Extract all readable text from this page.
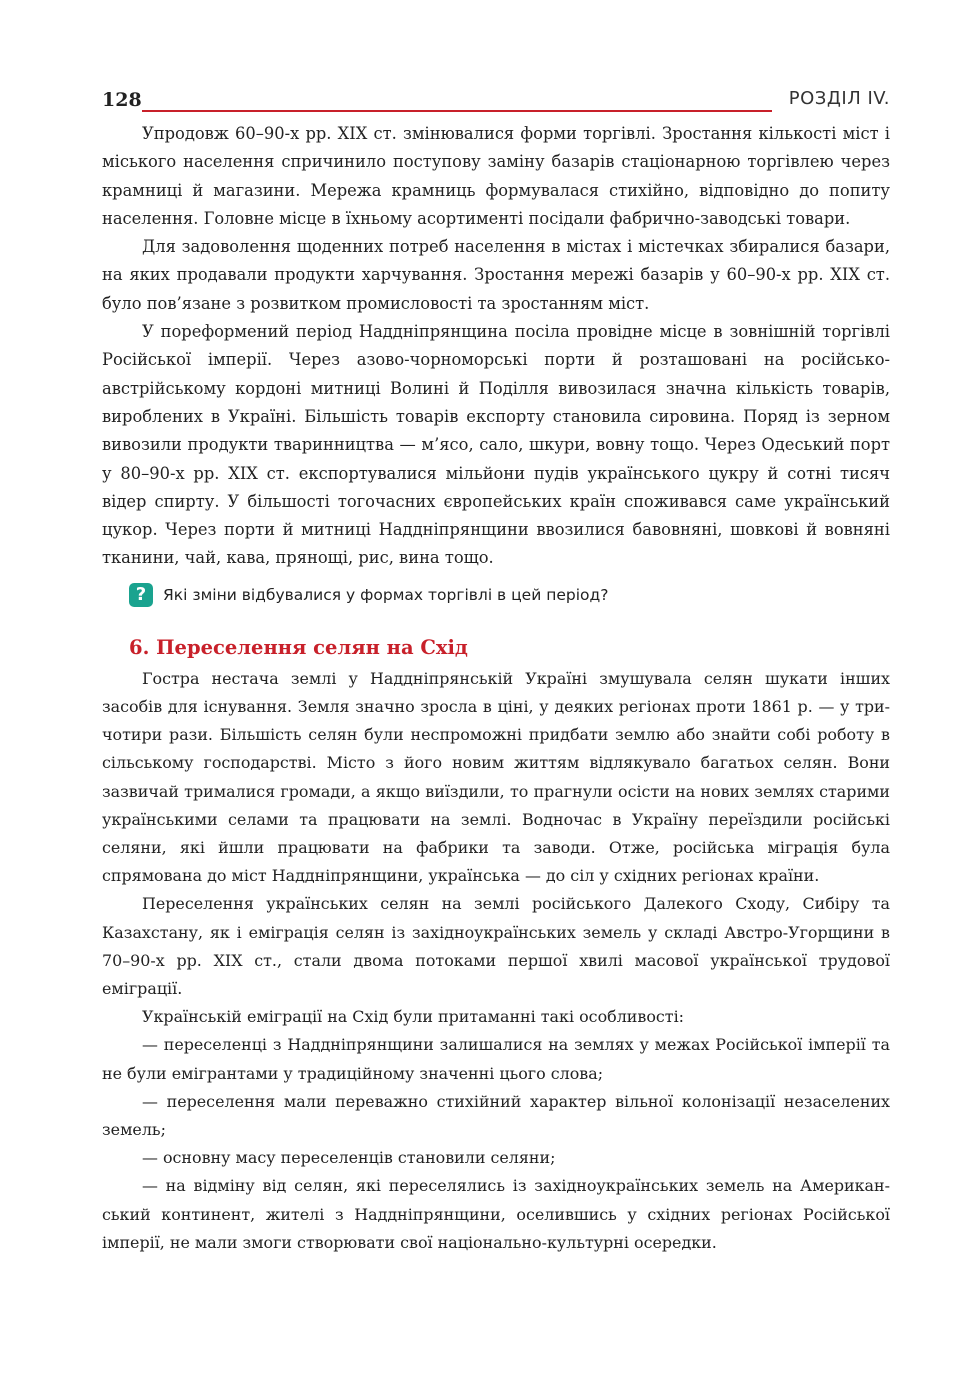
128	РОЗДІЛ IV.

Упродовж 60–90-х рр. XIX ст. змінювалися форми торгівлі. Зростання кількості міст і міського населення спричинило поступову заміну базарів стаціонарною торгівлею через крамниці й магазини. Мережа крамниць формувалася стихійно, відповідно до попиту населення. Головне місце в їхньому асортименті посідали фабрично-заводські товари.

Для задоволення щоденних потреб населення в містах і містечках збиралися базари, на яких продавали продукти харчування. Зростання мережі базарів у 60–90-х рр. XIX ст. було пов’язане з розвитком промисловості та зростанням міст.

У пореформений період Наддніпрянщина посіла провідне місце в зовнішній торгівлі Російської імперії. Через азово-чорноморські порти й розташовані на російсько-австрійському кордоні митниці Волині й Поділля вивозилася значна кількість товарів, вироблених в Україні. Більшість товарів експорту становила сировина. Поряд із зерном вивозили продукти тваринництва — м’ясо, сало, шкури, вовну тощо. Через Одеський порт у 80–90-х рр. XIX ст. експортувалися мільйони пудів українського цукру й сотні тисяч відер спирту. У більшості тогочасних європейських країн споживався саме український цукор. Через порти й митниці Наддніпрянщини ввозилися бавовняні, шовкові й вовняні тканини, чай, кава, прянощі, рис, вина тощо.

?	Які зміни відбувалися у формах торгівлі в цей період?
6. Переселення селян на Схід

Гостра нестача землі у Наддніпрянській Україні змушувала селян шукати інших засобів для існування. Земля значно зросла в ціні, у деяких регіонах проти 1861 р. — у три-чотири рази. Більшість селян були неспроможні придбати землю або знайти собі роботу в сільському господарстві. Місто з його новим життям відлякувало багатьох селян. Вони зазвичай трималися громади, а якщо виїздили, то прагнули осісти на нових землях старими українськими селами та працювати на землі. Водночас в Україну переїздили російські селяни, які йшли працювати на фабрики та заводи. Отже, російська міграція була спрямована до міст Наддніпрянщини, українська — до сіл у східних регіонах країни.

Переселення українських селян на землі російського Далекого Сходу, Сибіру та Казахстану, як і еміграція селян із західноукраїнських земель у складі Австро-Угорщини в 70–90-х рр. XIX ст., стали двома потоками першої хвилі масової української трудової еміграції.

Українській еміграції на Схід були притаманні такі особливості:

— переселенці з Наддніпрянщини залишалися на землях у межах Російської імперії та не були емігрантами у традиційному значенні цього слова;

— переселення мали переважно стихійний характер вільної колонізації незаселених земель;

— основну масу переселенців становили селяни;

— на відміну від селян, які переселялись із західноукраїнських земель на Американський континент, жителі з Наддніпрянщини, оселившись у східних регіонах Російської імперії, не мали змоги створювати свої національно-культурні осередки.
